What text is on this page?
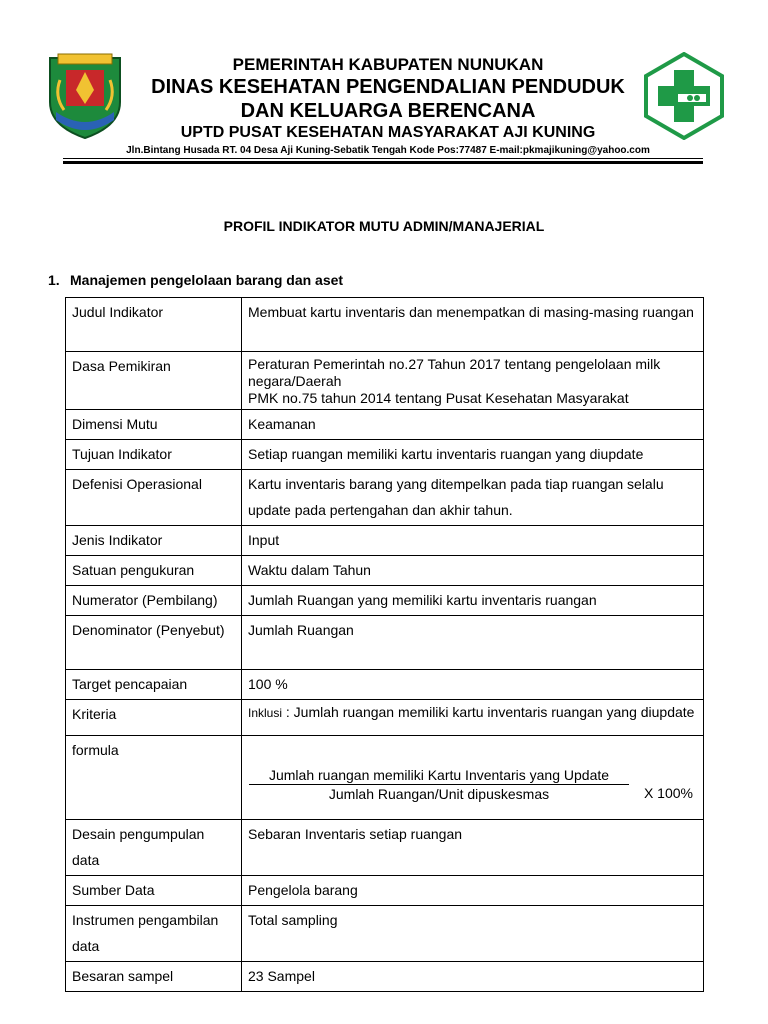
PEMERINTAH KABUPATEN NUNUKAN
DINAS KESEHATAN PENGENDALIAN PENDUDUK
DAN KELUARGA BERENCANA
UPTD PUSAT KESEHATAN MASYARAKAT AJI KUNING
Jln.Bintang Husada RT. 04 Desa Aji Kuning-Sebatik Tengah Kode Pos:77487 E-mail:pkmajikuning@yahoo.com
PROFIL INDIKATOR MUTU ADMIN/MANAJERIAL
1. Manajemen pengelolaan barang dan aset
Judul Indikator	Membuat kartu inventaris dan menempatkan di masing-masing ruangan
Dasa Pemikiran	Peraturan Pemerintah no.27 Tahun 2017 tentang pengelolaan milk negara/Daerah
PMK no.75 tahun 2014 tentang Pusat Kesehatan Masyarakat

Dimensi Mutu	Keamanan
Tujuan Indikator	Setiap ruangan memiliki kartu inventaris ruangan yang diupdate
Defenisi Operasional	Kartu inventaris barang yang ditempelkan pada tiap ruangan selalu update pada pertengahan dan akhir tahun.
Jenis Indikator	Input
Satuan pengukuran	Waktu dalam Tahun
Numerator (Pembilang)	Jumlah Ruangan yang memiliki kartu inventaris ruangan
Denominator (Penyebut)	Jumlah Ruangan
Target pencapaian	100 %
Kriteria	Inklusi : Jumlah ruangan memiliki kartu inventaris ruangan yang diupdate

formula	Jumlah ruangan memiliki Kartu Inventaris yang Update
Jumlah Ruangan/Unit dipuskesmas X 100%

Desain pengumpulan data	Sebaran Inventaris setiap ruangan
Sumber Data	Pengelola barang
Instrumen pengambilan data	Total sampling
Besaran sampel	23 Sampel
